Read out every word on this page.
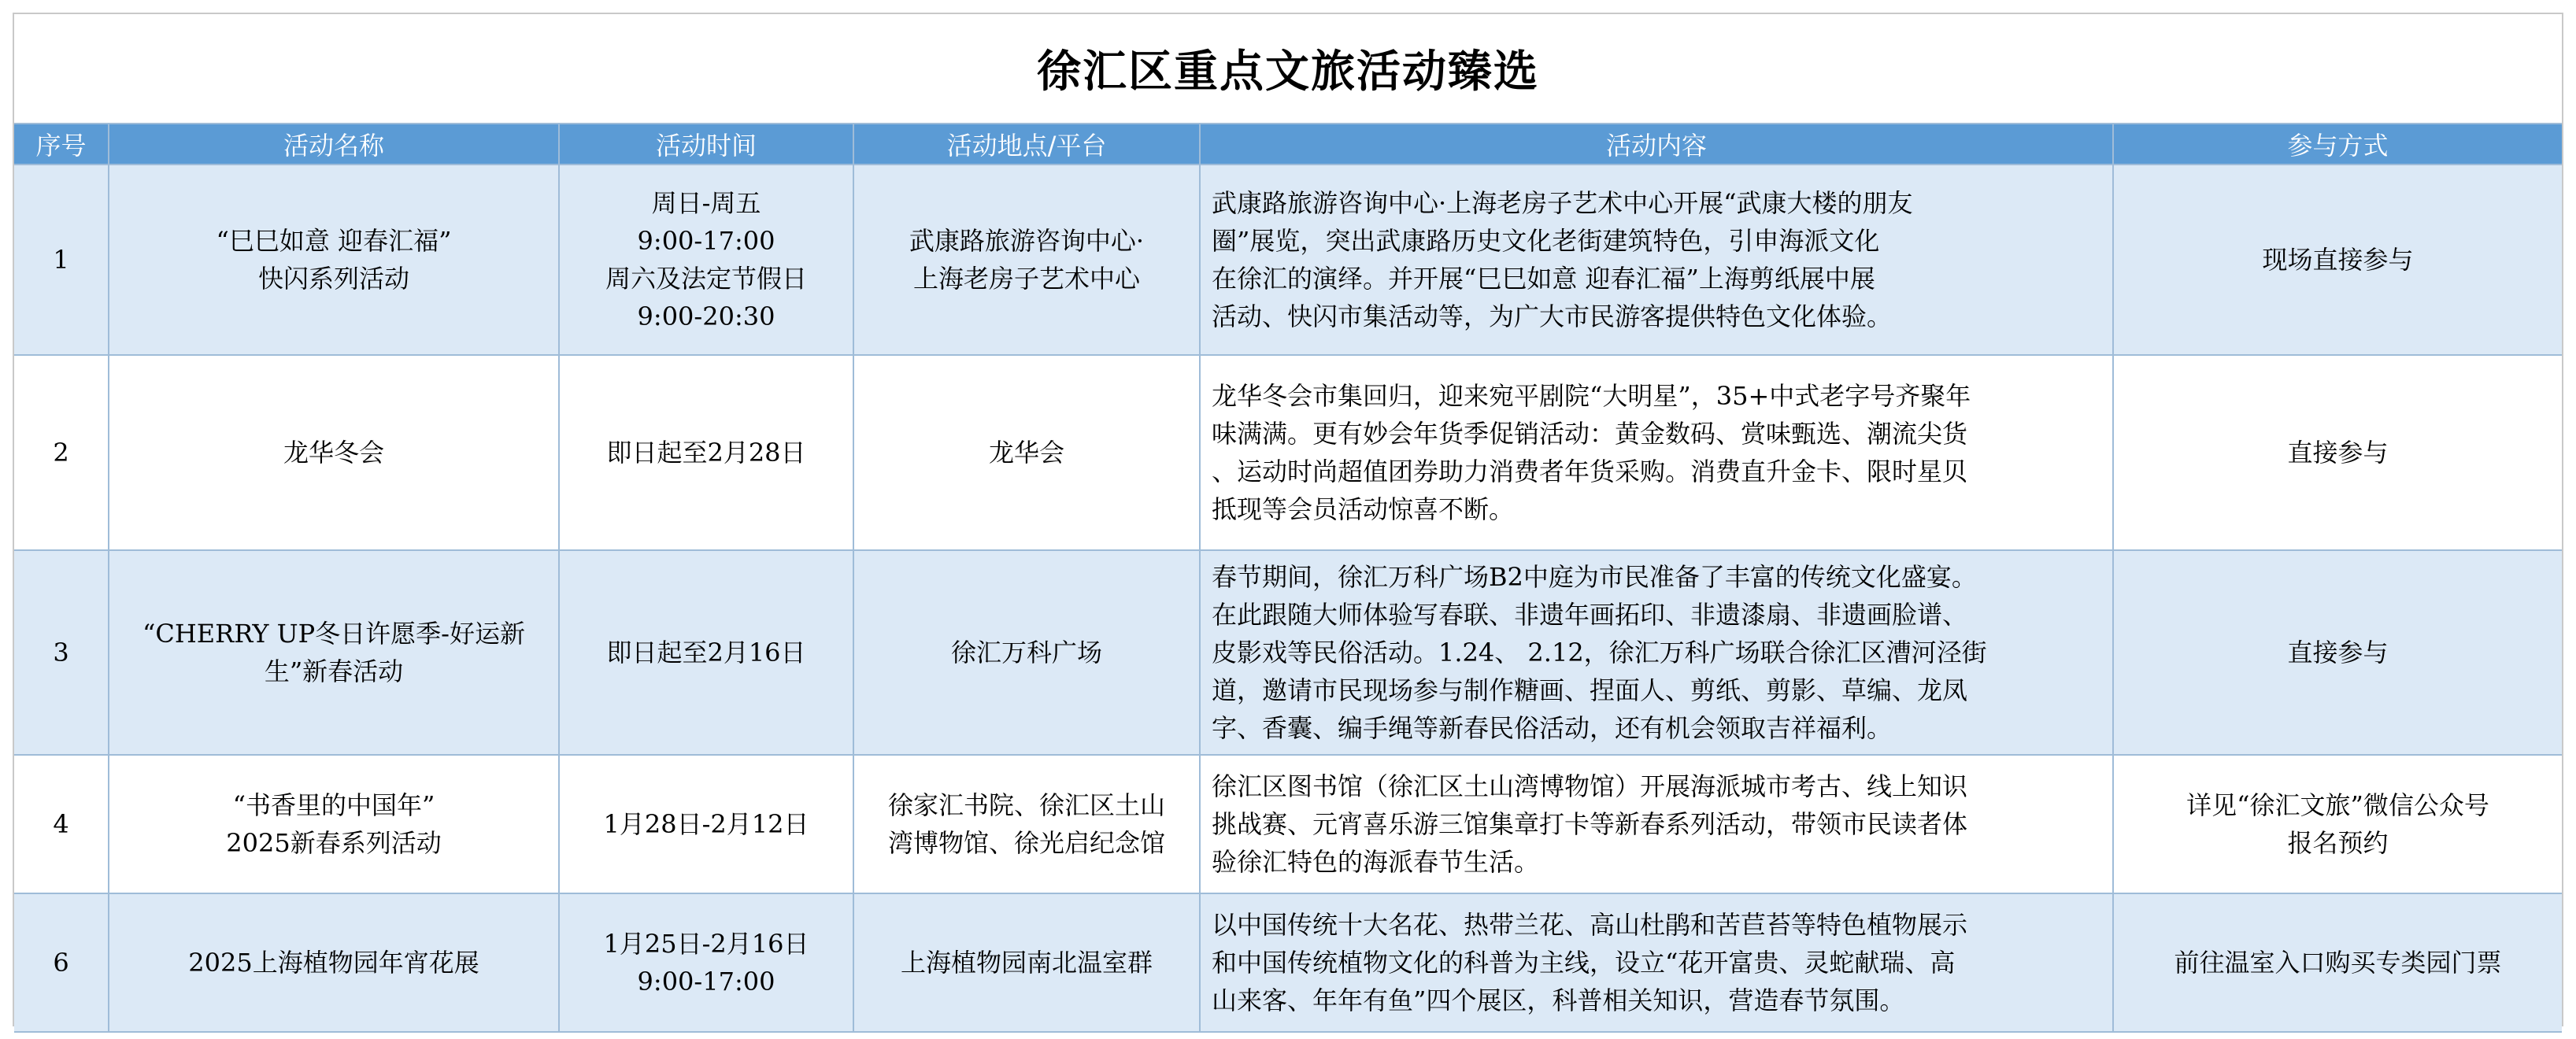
徐汇区重点文旅活动臻选
序号	活动名称	活动时间	活动地点/平台	活动内容	参与方式
1	“巳巳如意 迎春汇福”
快闪系列活动	周日-周五
9:00-17:00
周六及法定节假日
9:00-20:30	武康路旅游咨询中心·
上海老房子艺术中心	武康路旅游咨询中心·上海老房子艺术中心开展“武康大楼的朋友
圈”展览，突出武康路历史文化老街建筑特色，引申海派文化
在徐汇的演绎。并开展“巳巳如意 迎春汇福”上海剪纸展中展
活动、快闪市集活动等，为广大市民游客提供特色文化体验。	现场直接参与

2	龙华冬会	即日起至2月28日	龙华会	龙华冬会市集回归，迎来宛平剧院“大明星”，35+中式老字号齐聚年
味满满。更有妙会年货季促销活动：黄金数码、赏味甄选、潮流尖货
、运动时尚超值团券助力消费者年货采购。消费直升金卡、限时星贝
抵现等会员活动惊喜不断。	直接参与

3	“CHERRY UP冬日许愿季-好运新
生”新春活动	即日起至2月16日	徐汇万科广场	春节期间，徐汇万科广场B2中庭为市民准备了丰富的传统文化盛宴。
在此跟随大师体验写春联、非遗年画拓印、非遗漆扇、非遗画脸谱、
皮影戏等民俗活动。1.24、 2.12，徐汇万科广场联合徐汇区漕河泾街
道，邀请市民现场参与制作糖画、捏面人、剪纸、剪影、草编、龙凤
字、香囊、编手绳等新春民俗活动，还有机会领取吉祥福利。	直接参与

4	“书香里的中国年”
2025新春系列活动	1月28日-2月12日	徐家汇书院、徐汇区土山
湾博物馆、徐光启纪念馆	徐汇区图书馆（徐汇区土山湾博物馆）开展海派城市考古、线上知识
挑战赛、元宵喜乐游三馆集章打卡等新春系列活动，带领市民读者体
验徐汇特色的海派春节生活。	详见“徐汇文旅”微信公众号
报名预约

6	2025上海植物园年宵花展	1月25日-2月16日
9:00-17:00	上海植物园南北温室群	以中国传统十大名花、热带兰花、高山杜鹃和苦苣苔等特色植物展示
和中国传统植物文化的科普为主线，设立“花开富贵、灵蛇献瑞、高
山来客、年年有鱼”四个展区，科普相关知识，营造春节氛围。	前往温室入口购买专类园门票
